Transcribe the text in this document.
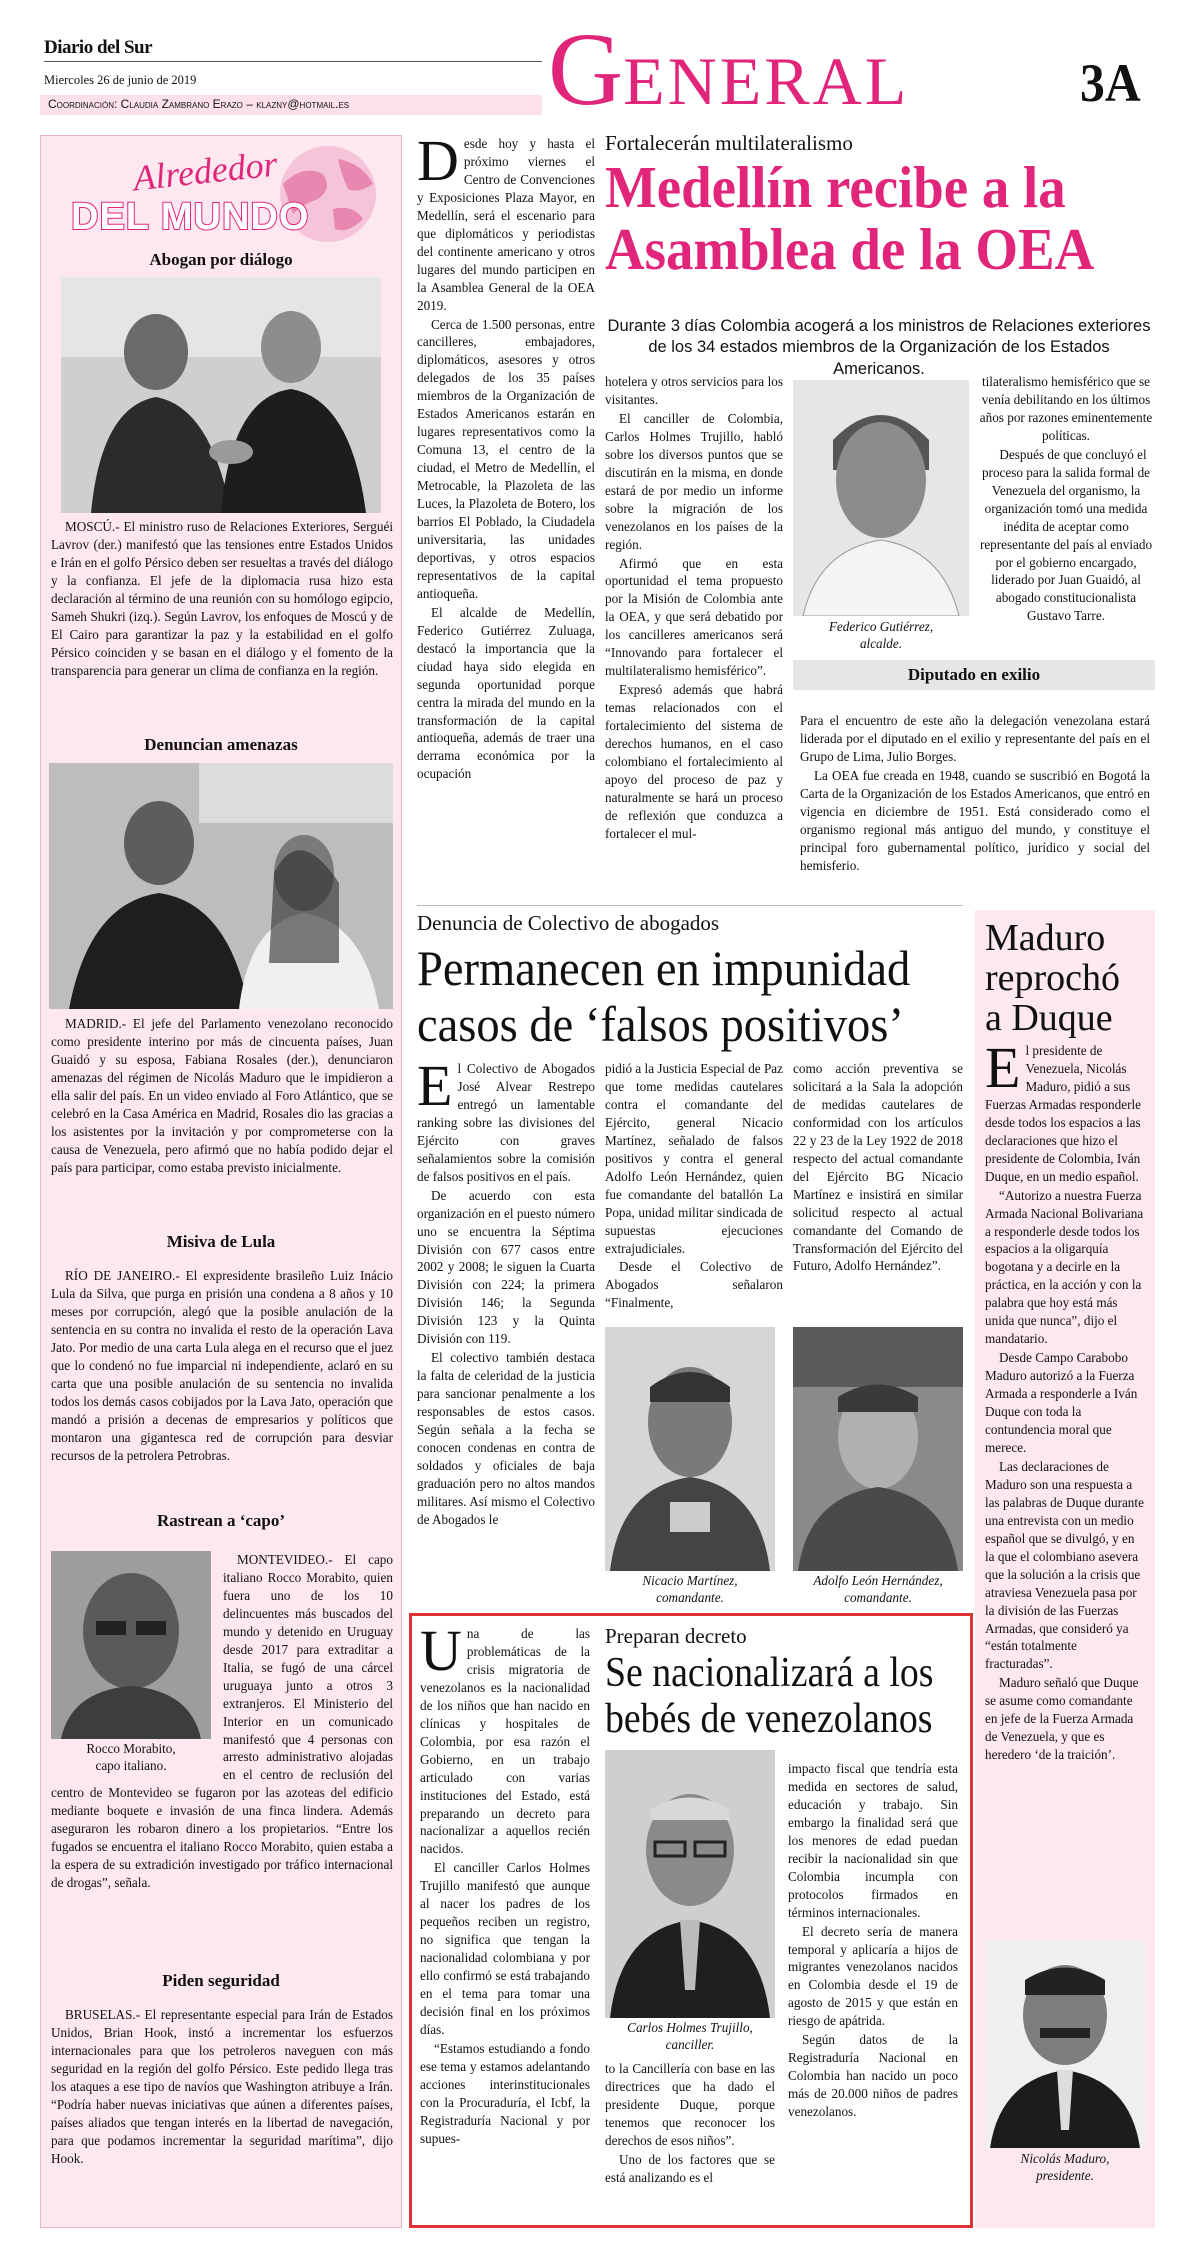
Diario del Sur
Miercoles 26 de junio de 2019
Coordinación: Claudia Zambrano Erazo – klazny@hotmail.es GENERAL	3A
Alrededor
DEL MUNDO
Abogan por diálogo
MOSCÚ.- El ministro ruso de Relaciones Exteriores, Serguéi Lavrov (der.) manifestó que las tensiones entre Estados Unidos e Irán en el golfo Pérsico deben ser resueltas a través del diálogo y la confianza. El jefe de la diplomacia rusa hizo esta declaración al término de una reunión con su homólogo egipcio, Sameh Shukri (izq.). Según Lavrov, los enfoques de Moscú y de El Cairo para garantizar la paz y la estabilidad en el golfo Pérsico coinciden y se basan en el diálogo y el fomento de la transparencia para generar un clima de confianza en la región.
Denuncian amenazas
MADRID.- El jefe del Parlamento venezolano reconocido como presidente interino por más de cincuenta países, Juan Guaidó y su esposa, Fabiana Rosales (der.), denunciaron amenazas del régimen de Nicolás Maduro que le impidieron a ella salir del país. En un video enviado al Foro Atlántico, que se celebró en la Casa América en Madrid, Rosales dio las gracias a los asistentes por la invitación y por comprometerse con la causa de Venezuela, pero afirmó que no había podido dejar el país para participar, como estaba previsto inicialmente.
Misiva de Lula
RÍO DE JANEIRO.- El expresidente brasileño Luiz Inácio Lula da Silva, que purga en prisión una condena a 8 años y 10 meses por corrupción, alegó que la posible anulación de la sentencia en su contra no invalida el resto de la operación Lava Jato. Por medio de una carta Lula alega en el recurso que el juez que lo condenó no fue imparcial ni independiente, aclaró en su carta que una posible anulación de su sentencia no invalida todos los demás casos cobijados por la Lava Jato, operación que mandó a prisión a decenas de empresarios y políticos que montaron una gigantesca red de corrupción para desviar recursos de la petrolera Petrobras.
Rastrean a ‘capo’
Rocco Morabito,
capo italiano.
MONTEVIDEO.- El capo italiano Rocco Morabito, quien fuera uno de los 10 delincuentes más buscados del mundo y detenido en Uruguay desde 2017 para extraditar a Italia, se fugó de una cárcel uruguaya junto a otros 3 extranjeros. El Ministerio del Interior en un comunicado manifestó que 4 personas con arresto administrativo alojadas en el centro de reclusión del centro de Montevideo se fugaron por las azoteas del edificio mediante boquete e invasión de una finca lindera. Además aseguraron les robaron dinero a los propietarios. “Entre los fugados se encuentra el italiano Rocco Morabito, quien estaba a la espera de su extradición investigado por tráfico internacional de drogas”, señala.
Piden seguridad
BRUSELAS.- El representante especial para Irán de Estados Unidos, Brian Hook, instó a incrementar los esfuerzos internacionales para que los petroleros naveguen con más seguridad en la región del golfo Pérsico. Este pedido llega tras los ataques a ese tipo de navíos que Washington atribuye a Irán. “Podría haber nuevas iniciativas que aúnen a diferentes países, países aliados que tengan interés en la libertad de navegación, para que podamos incrementar la seguridad marítima”, dijo Hook.
D esde hoy y hasta el próximo viernes el Centro de Convenciones y Exposiciones Plaza Mayor, en Medellín, será el escenario para que diplomáticos y periodistas del continente americano y otros lugares del mundo participen en la Asamblea General de la OEA 2019.

Cerca de 1.500 personas, entre cancilleres, embajadores, diplomáticos, asesores y otros delegados de los 35 países miembros de la Organización de Estados Americanos estarán en lugares representativos como la Comuna 13, el centro de la ciudad, el Metro de Medellín, el Metrocable, la Plazoleta de las Luces, la Plazoleta de Botero, los barrios El Poblado, la Ciudadela universitaria, las unidades deportivas, y otros espacios representativos de la capital antioqueña.

El alcalde de Medellín, Federico Gutiérrez Zuluaga, destacó la importancia que la ciudad haya sido elegida en segunda oportunidad porque centra la mirada del mundo en la transformación de la capital antioqueña, además de traer una derrama económica por la ocupación

Fortalecerán multilateralismo
Medellín recibe a la
Asamblea de la OEA
Durante 3 días Colombia acogerá a los ministros de Relaciones exteriores de los 34 estados miembros de la Organización de los Estados Americanos.

hotelera y otros servicios para los visitantes.

El canciller de Colombia, Carlos Holmes Trujillo, habló sobre los diversos puntos que se discutirán en la misma, en donde estará de por medio un informe sobre la migración de los venezolanos en los países de la región.

Afirmó que en esta oportunidad el tema propuesto por la Misión de Colombia ante la OEA, y que será debatido por los cancilleres americanos será “Innovando para fortalecer el multilateralismo hemisférico”.

Expresó además que habrá temas relacionados con el fortalecimiento del sistema de derechos humanos, en el caso colombiano el fortalecimiento al apoyo del proceso de paz y naturalmente se hará un proceso de reflexión que conduzca a fortalecer el mul-

Federico Gutiérrez,
alcalde.

tilateralismo hemisférico que se venía debilitando en los últimos años por razones eminentemente políticas.

Después de que concluyó el proceso para la salida formal de Venezuela del organismo, la organización tomó una medida inédita de aceptar como representante del país al enviado por el gobierno encargado, liderado por Juan Guaidó, al abogado constitucionalista Gustavo Tarre.

Diputado en exilio

Para el encuentro de este año la delegación venezolana estará liderada por el diputado en el exilio y representante del país en el Grupo de Lima, Julio Borges.

La OEA fue creada en 1948, cuando se suscribió en Bogotá la Carta de la Organización de los Estados Americanos, que entró en vigencia en diciembre de 1951. Está considerado como el organismo regional más antiguo del mundo, y constituye el principal foro gubernamental político, jurídico y social del hemisferio.

Denuncia de Colectivo de abogados
Permanecen en impunidad
casos de ‘falsos positivos’
E l Colectivo de Abogados José Alvear Restrepo entregó un lamentable ranking sobre las divisiones del Ejército con graves señalamientos sobre la comisión de falsos positivos en el país.

De acuerdo con esta organización en el puesto número uno se encuentra la Séptima División con 677 casos entre 2002 y 2008; le siguen la Cuarta División con 224; la primera División 146; la Segunda División 123 y la Quinta División con 119.

El colectivo también destaca la falta de celeridad de la justicia para sancionar penalmente a los responsables de estos casos. Según señala a la fecha se conocen condenas en contra de soldados y oficiales de baja graduación pero no altos mandos militares. Así mismo el Colectivo de Abogados le

pidió a la Justicia Especial de Paz que tome medidas cautelares contra el comandante del Ejército, general Nicacio Martínez, señalado de falsos positivos y contra el general Adolfo León Hernández, quien fue comandante del batallón La Popa, unidad militar sindicada de supuestas ejecuciones extrajudiciales.

Desde el Colectivo de Abogados señalaron “Finalmente,

como acción preventiva se solicitará a la Sala la adopción de medidas cautelares de conformidad con los artículos 22 y 23 de la Ley 1922 de 2018 respecto del actual comandante del Ejército BG Nicacio Martínez e insistirá en similar solicitud respecto al actual comandante del Comando de Transformación del Ejército del Futuro, Adolfo Hernández”.

Nicacio Martínez,
comandante.
Adolfo León Hernández,
comandante.
Maduro
reprochó
a Duque
E l presidente de Venezuela, Nicolás Maduro, pidió a sus Fuerzas Armadas responderle desde todos los espacios a las declaraciones que hizo el presidente de Colombia, Iván Duque, en un medio español.

“Autorizo a nuestra Fuerza Armada Nacional Bolivariana a responderle desde todos los espacios a la oligarquía bogotana y a decirle en la práctica, en la acción y con la palabra que hoy está más unida que nunca”, dijo el mandatario.

Desde Campo Carabobo Maduro autorizó a la Fuerza Armada a responderle a Iván Duque con toda la contundencia moral que merece.

Las declaraciones de Maduro son una respuesta a las palabras de Duque durante una entrevista con un medio español que se divulgó, y en la que el colombiano asevera que la solución a la crisis que atraviesa Venezuela pasa por la división de las Fuerzas Armadas, que consideró ya “están totalmente fracturadas”.

Maduro señaló que Duque se asume como comandante en jefe de la Fuerza Armada de Venezuela, y que es heredero ‘de la traición’.

Nicolás Maduro,
presidente.
U na de las problemáticas de la crisis migratoria de venezolanos es la nacionalidad de los niños que han nacido en clínicas y hospitales de Colombia, por esa razón el Gobierno, en un trabajo articulado con varias instituciones del Estado, está preparando un decreto para nacionalizar a aquellos recién nacidos.

El canciller Carlos Holmes Trujillo manifestó que aunque al nacer los padres de los pequeños reciben un registro, no significa que tengan la nacionalidad colombiana y por ello confirmó se está trabajando en el tema para tomar una decisión final en los próximos días.

“Estamos estudiando a fondo ese tema y estamos adelantando acciones interinstitucionales con la Procuraduría, el Icbf, la Registraduría Nacional y por supues-

Preparan decreto
Se nacionalizará a los
bebés de venezolanos
Carlos Holmes Trujillo,
canciller.

to la Cancillería con base en las directrices que ha dado el presidente Duque, porque tenemos que reconocer los derechos de esos niños”.

Uno de los factores que se está analizando es el

impacto fiscal que tendría esta medida en sectores de salud, educación y trabajo. Sin embargo la finalidad será que los menores de edad puedan recibir la nacionalidad sin que Colombia incumpla con protocolos firmados en términos internacionales.

El decreto sería de manera temporal y aplicaría a hijos de migrantes venezolanos nacidos en Colombia desde el 19 de agosto de 2015 y que están en riesgo de apátrida.

Según datos de la Registraduría Nacional en Colombia han nacido un poco más de 20.000 niños de padres venezolanos.
